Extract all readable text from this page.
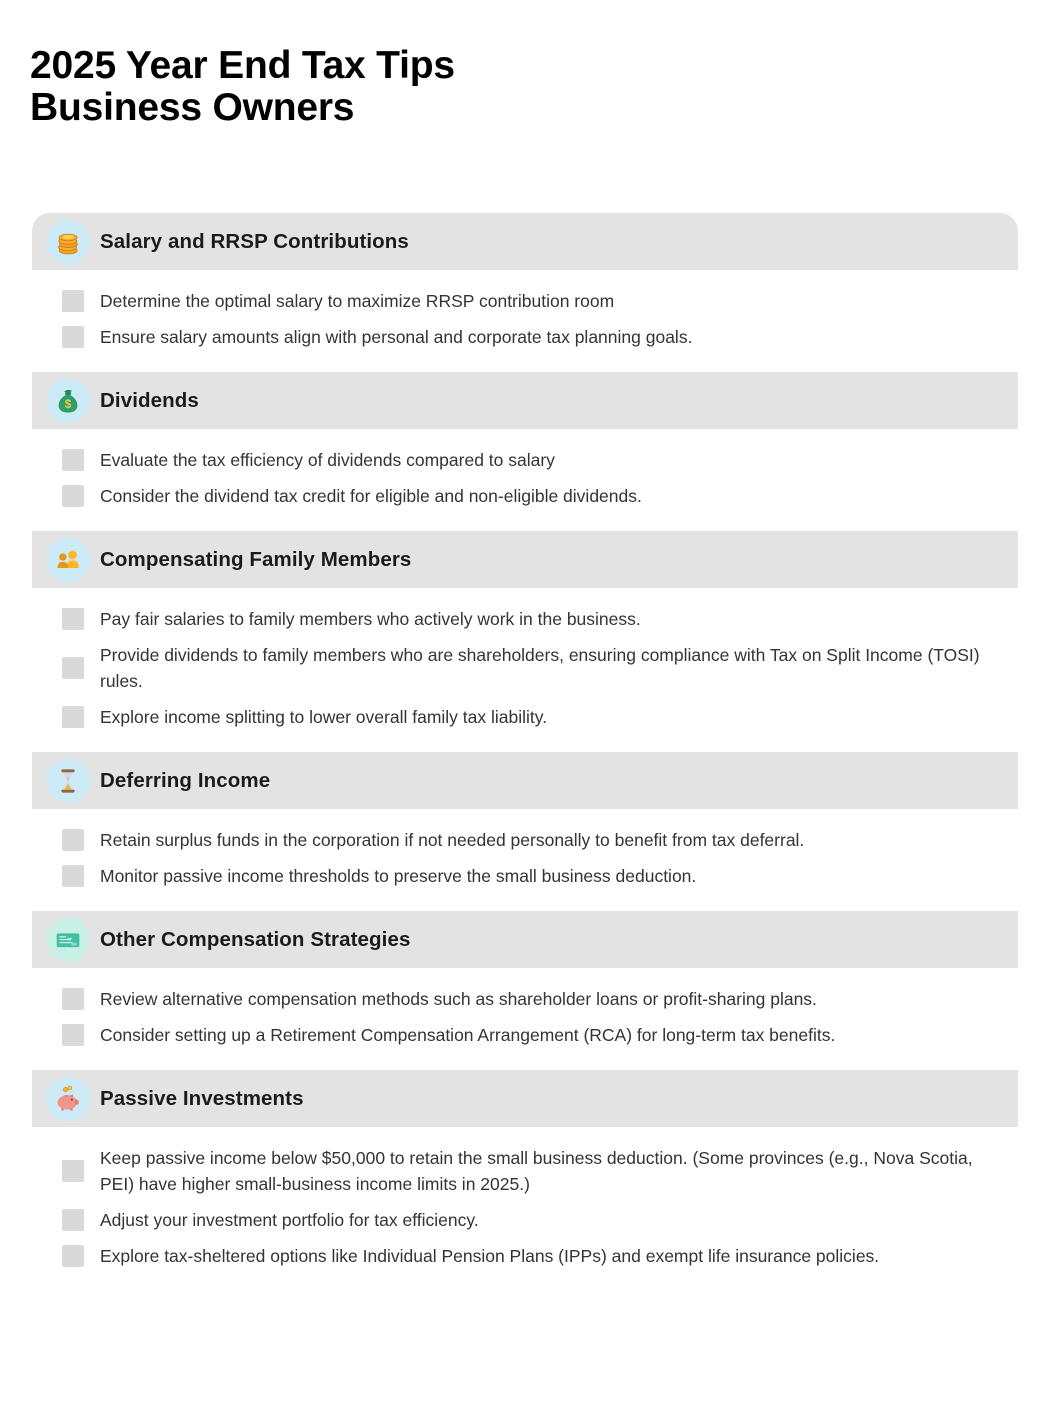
2025 Year End Tax Tips
Business Owners
Salary and RRSP Contributions
Determine the optimal salary to maximize RRSP contribution room
Ensure salary amounts align with personal and corporate tax planning goals.
$ Dividends
Evaluate the tax efficiency of dividends compared to salary
Consider the dividend tax credit for eligible and non-eligible dividends.
Compensating Family Members
Pay fair salaries to family members who actively work in the business.
Provide dividends to family members who are shareholders, ensuring compliance with Tax on Split Income (TOSI) rules.
Explore income splitting to lower overall family tax liability.
Deferring Income
Retain surplus funds in the corporation if not needed personally to benefit from tax deferral.
Monitor passive income thresholds to preserve the small business deduction.
Other Compensation Strategies
Review alternative compensation methods such as shareholder loans or profit-sharing plans.
Consider setting up a Retirement Compensation Arrangement (RCA) for long-term tax benefits.
Passive Investments
Keep passive income below $50,000 to retain the small business deduction. (Some provinces (e.g., Nova Scotia, PEI) have higher small-business income limits in 2025.)
Adjust your investment portfolio for tax efficiency.
Explore tax-sheltered options like Individual Pension Plans (IPPs) and exempt life insurance policies.
